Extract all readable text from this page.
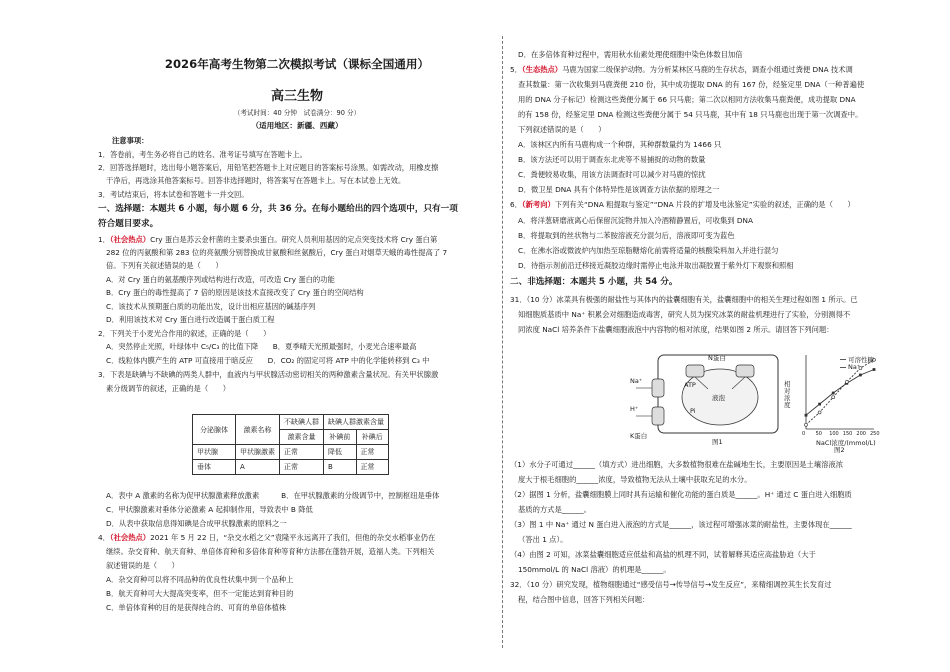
2026年高考生物第二次模拟考试（课标全国通用）
高三生物
（考试时间：40 分钟　试卷满分：90 分）
（适用地区：新疆、西藏）
注意事项：
1．答卷前，考生务必将自己的姓名、准考证号填写在答题卡上。
2．回答选择题时，选出每小题答案后，用铅笔把答题卡上对应题目的答案标号涂黑。如需改动，用橡皮擦
干净后，再选涂其他答案标号。回答非选择题时，将答案写在答题卡上。写在本试卷上无效。
3．考试结束后，将本试卷和答题卡一并交回。
一、选择题：本题共 6 小题，每小题 6 分，共 36 分。在每小题给出的四个选项中，只有一项
符合题目要求。
1．（社会热点）Cry 蛋白是苏云金杆菌的主要杀虫蛋白。研究人员利用基因的定点突变技术将 Cry 蛋白第
282 位的丙氨酸和第 283 位的亮氨酸分别替换成甘氨酸和丝氨酸后，Cry 蛋白对烟草天蛾的毒性提高了 7
倍。下列有关叙述错误的是（　　）
A．对 Cry 蛋白的氨基酸序列或结构进行改造，可改造 Cry 蛋白的功能
B．Cry 蛋白的毒性提高了 7 倍的原因是该技术直接改变了 Cry 蛋白的空间结构
C．该技术从预期蛋白质的功能出发，设计出相应基因的碱基序列
D．利用该技术对 Cry 蛋白进行改造属于蛋白质工程
2．下列关于小麦光合作用的叙述，正确的是（　　）
A．突然停止光照，叶绿体中 C₅/C₃ 的比值下降　　B．夏季晴天光照最强时，小麦光合速率最高
C．线粒体内膜产生的 ATP 可直接用于暗反应　　D．CO₂ 的固定可将 ATP 中的化学能转移到 C₃ 中
3．下表是缺碘与不缺碘的两类人群中，血液内与甲状腺活动密切相关的两种激素含量状况。有关甲状腺激
素分级调节的叙述，正确的是（　　）
分泌腺体	激素名称	不缺碘人群	缺碘人群激素含量	
		激素含量	补碘前	补碘后
甲状腺	甲状腺激素	正常	降低	正常
垂体	A	正常	B	正常
A．表中 A 激素的名称为促甲状腺激素释放激素　　　B．在甲状腺激素的分级调节中，控制枢纽是垂体
C．甲状腺激素对垂体分泌激素 A 起抑制作用，导致表中 B 降低
D．从表中获取信息得知碘是合成甲状腺激素的原料之一
4．（社会热点）2021 年 5 月 22 日，“杂交水稻之父”袁隆平永远离开了我们，但他的杂交水稻事业仍在
继续。杂交育种、航天育种、单倍体育种和多倍体育种等育种方法都在蓬勃开展，造福人类。下列相关
叙述错误的是（　　）
A．杂交育种可以将不同品种的优良性状集中到一个品种上
B．航天育种可大大提高突变率，但不一定能达到育种目的
C．单倍体育种的目的是获得纯合的、可育的单倍体植株
D．在多倍体育种过程中，需用秋水仙素处理使细胞中染色体数目加倍
5．（生态热点）马鹿为国家二级保护动物。为分析某林区马鹿的生存状态，调查小组通过粪便 DNA 技术调
查其数量：第一次收集到马鹿粪便 210 份，其中成功提取 DNA 的有 167 份，经鉴定里 DNA（一种普遍使
用的 DNA 分子标记）检测这些粪便分属于 66 只马鹿；第二次以相同方法收集马鹿粪便，成功提取 DNA
的有 158 份，经鉴定里 DNA 检测这些粪便分属于 54 只马鹿，其中有 18 只马鹿也出现于第一次调查中。
下列叙述错误的是（　　）
A．该林区内所有马鹿构成一个种群，其种群数量约为 1466 只
B．该方法还可以用于调查东北虎等不易捕捉的动物的数量
C．粪便较易收集，用该方法调查时可以减少对马鹿的惊扰
D．微卫星 DNA 具有个体特异性是该调查方法依据的原理之一
6．（新考向）下列有关“DNA 粗提取与鉴定”“DNA 片段的扩增及电泳鉴定”实验的叙述，正确的是（　　）
A．将洋葱研磨液离心后保留沉淀物并加入冷酒精静置后，可收集到 DNA
B．将提取到的丝状物与二苯胺溶液充分混匀后，溶液即可变为蓝色
C．在沸水浴或微波炉内加热至琼脂糖熔化前需将适量的核酸染料加入并进行混匀
D．待指示剂前沿迁移接近凝胶边缘时需停止电泳并取出凝胶置于紫外灯下观察和照相
二、非选择题：本题共 5 小题，共 54 分。
31．（10 分）冰菜具有极强的耐盐性与其体内的盐囊细胞有关，盐囊细胞中的相关生理过程如图 1 所示。已
知细胞质基质中 Na⁺ 积累会对细胞造成毒害，研究人员为探究冰菜的耐盐机理进行了实验，分别测得不
同浓度 NaCl 培养条件下盐囊细胞液泡中内容物的相对浓度，结果如图 2 所示。请回答下列问题：
液泡
N蛋白
ATP
Pi
K蛋白
Na⁺
H⁺
图1
可溶性糖
Na⁺
相对浓度
NaCl浓度/(mmol/L)
0 50 100 150 200 250
图2
（1）水分子可通过______（填方式）进出细胞，大多数植物很难在盐碱地生长，主要原因是土壤溶液浓
度大于根毛细胞的______浓度，导致植物无法从土壤中获取充足的水分。
（2）据图 1 分析，盐囊细胞膜上同时具有运输和催化功能的蛋白质是______。H⁺ 通过 C 蛋白进入细胞质
基质的方式是______。
（3）图 1 中 Na⁺ 通过 N 蛋白进入液泡的方式是______，该过程可增强冰菜的耐盐性，主要体现在______
（答出 1 点）。
（4）由图 2 可知，冰菜盐囊细胞适应低盐和高盐的机理不同，试着解释其适应高盐胁迫（大于
150mmol/L 的 NaCl 溶液）的机理是______。
32．（10 分）研究发现，植物细胞通过“感受信号→传导信号→发生反应”，来精细调控其生长发育过
程，结合图中信息，回答下列相关问题：
